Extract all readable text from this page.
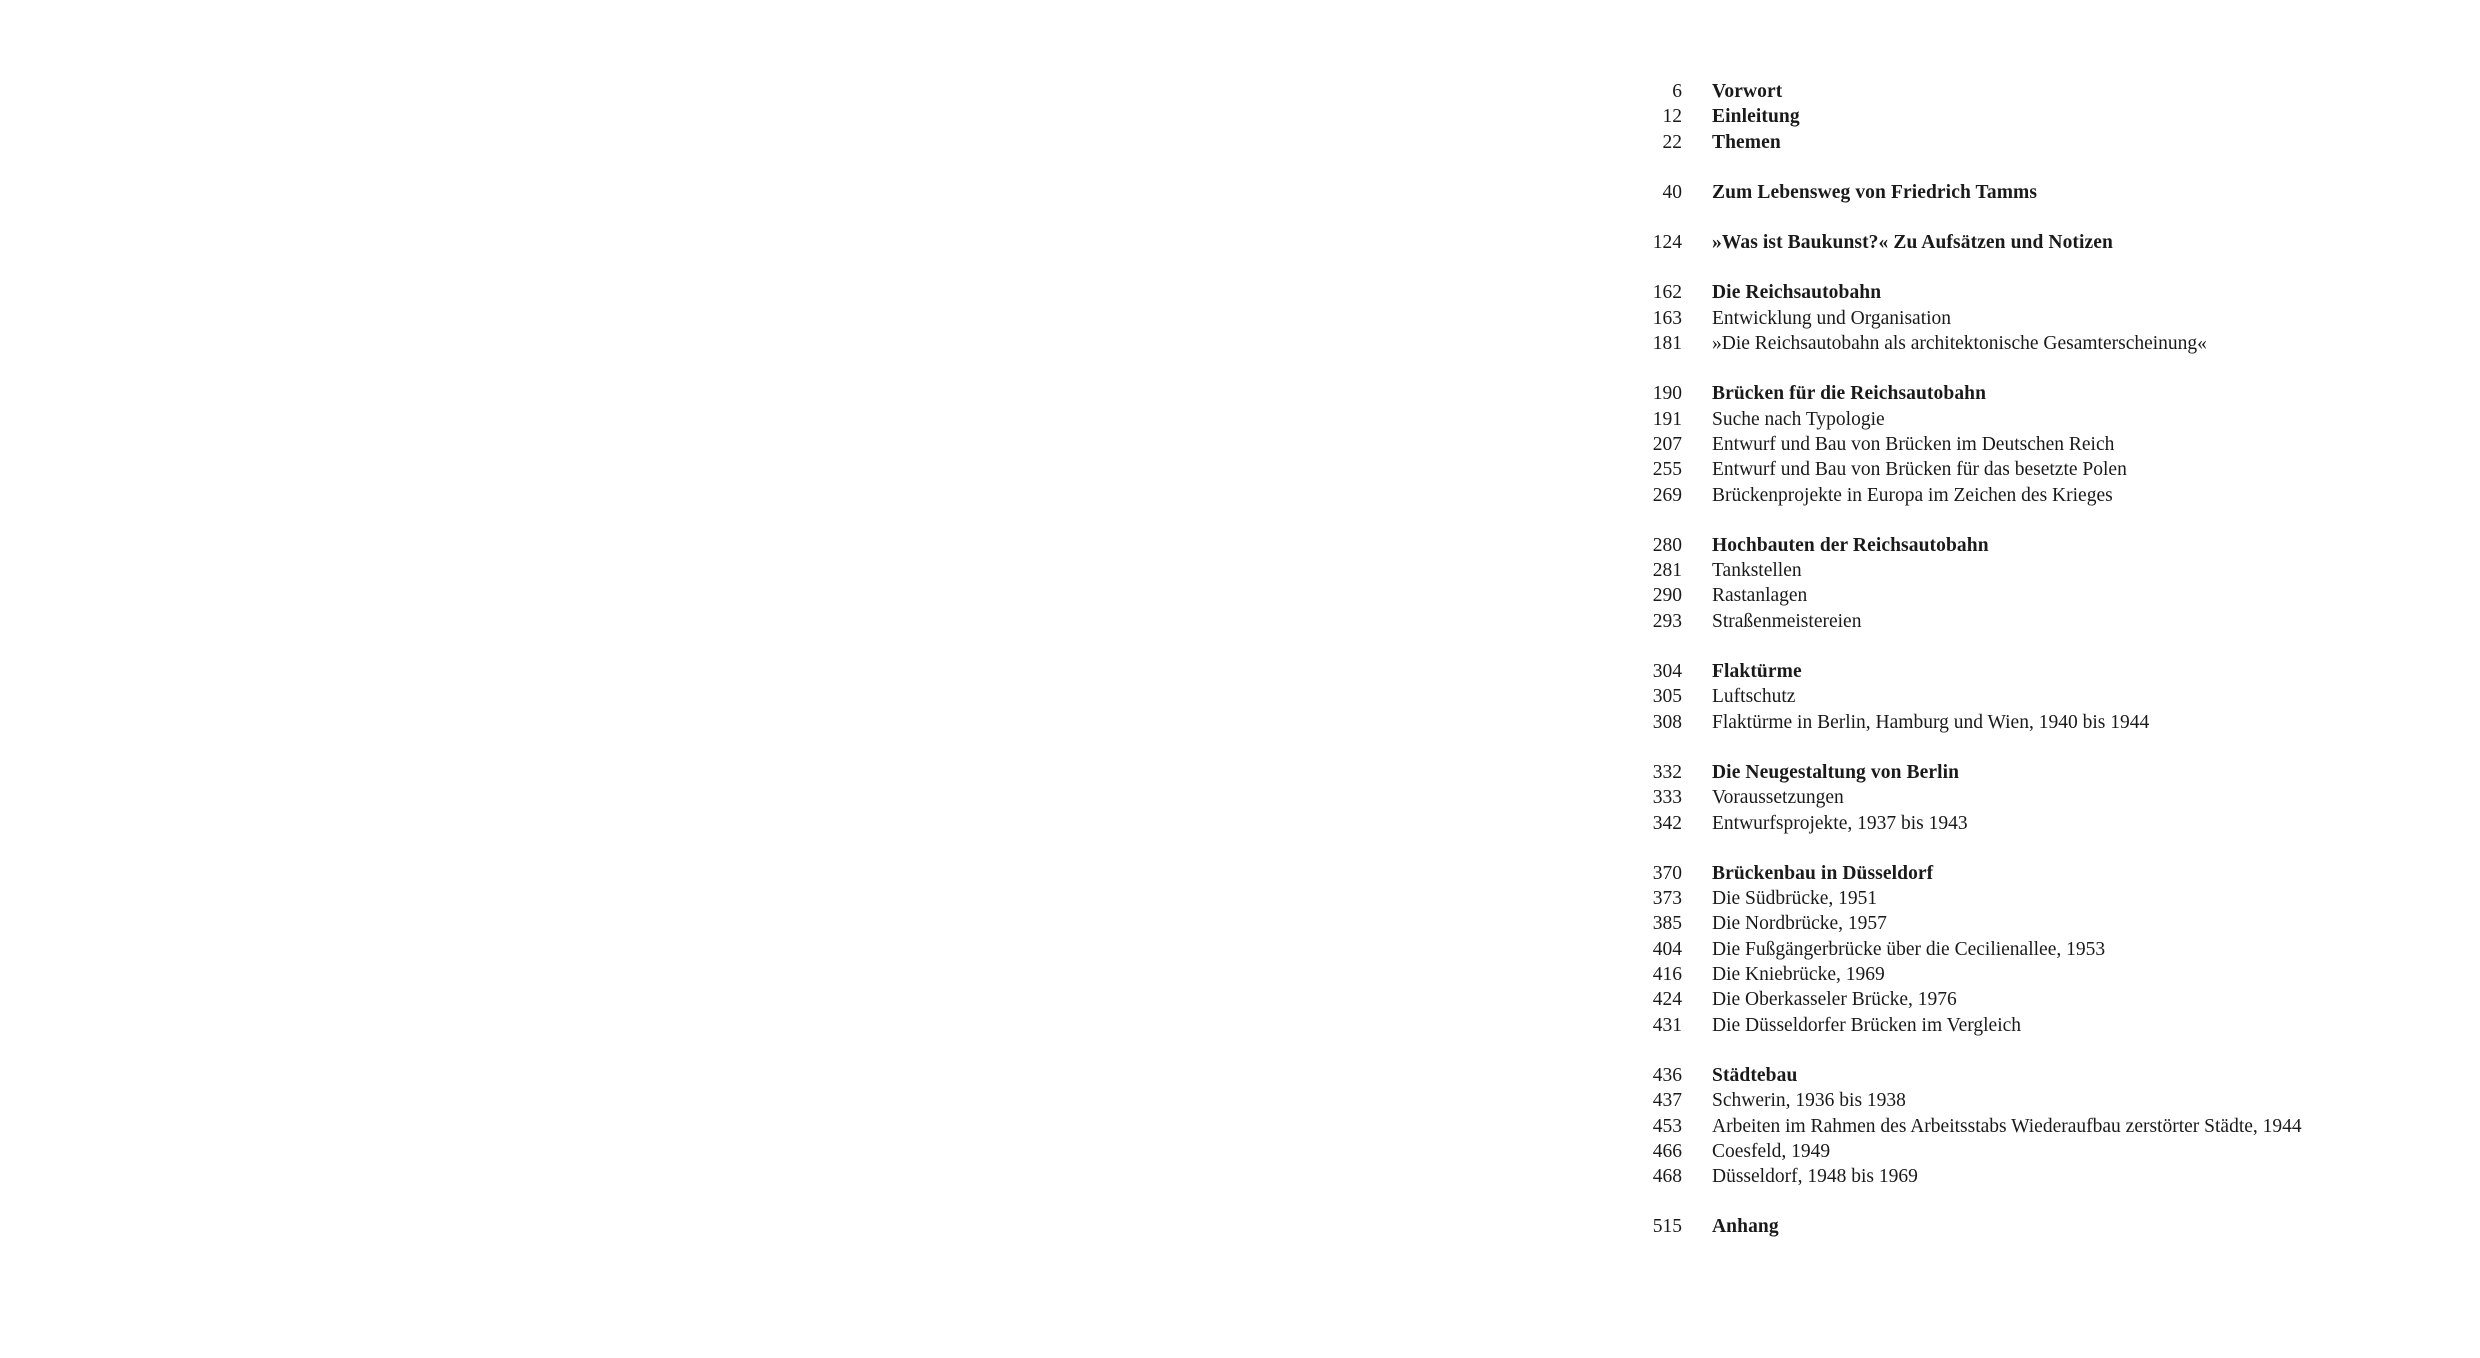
6 Vorwort
12 Einleitung
22 Themen
40 Zum Lebensweg von Friedrich Tamms
124 »Was ist Baukunst?« Zu Aufsätzen und Notizen
162 Die Reichsautobahn
163 Entwicklung und Organisation
181 »Die Reichsautobahn als architektonische Gesamterscheinung«
190 Brücken für die Reichsautobahn
191 Suche nach Typologie
207 Entwurf und Bau von Brücken im Deutschen Reich
255 Entwurf und Bau von Brücken für das besetzte Polen
269 Brückenprojekte in Europa im Zeichen des Krieges
280 Hochbauten der Reichsautobahn
281 Tankstellen
290 Rastanlagen
293 Straßenmeistereien
304 Flaktürme
305 Luftschutz
308 Flaktürme in Berlin, Hamburg und Wien, 1940 bis 1944
332 Die Neugestaltung von Berlin
333 Voraussetzungen
342 Entwurfsprojekte, 1937 bis 1943
370 Brückenbau in Düsseldorf
373 Die Südbrücke, 1951
385 Die Nordbrücke, 1957
404 Die Fußgängerbrücke über die Cecilienallee, 1953
416 Die Kniebrücke, 1969
424 Die Oberkasseler Brücke, 1976
431 Die Düsseldorfer Brücken im Vergleich
436 Städtebau
437 Schwerin, 1936 bis 1938
453 Arbeiten im Rahmen des Arbeitsstabs Wiederaufbau zerstörter Städte, 1944
466 Coesfeld, 1949
468 Düsseldorf, 1948 bis 1969
515 Anhang
